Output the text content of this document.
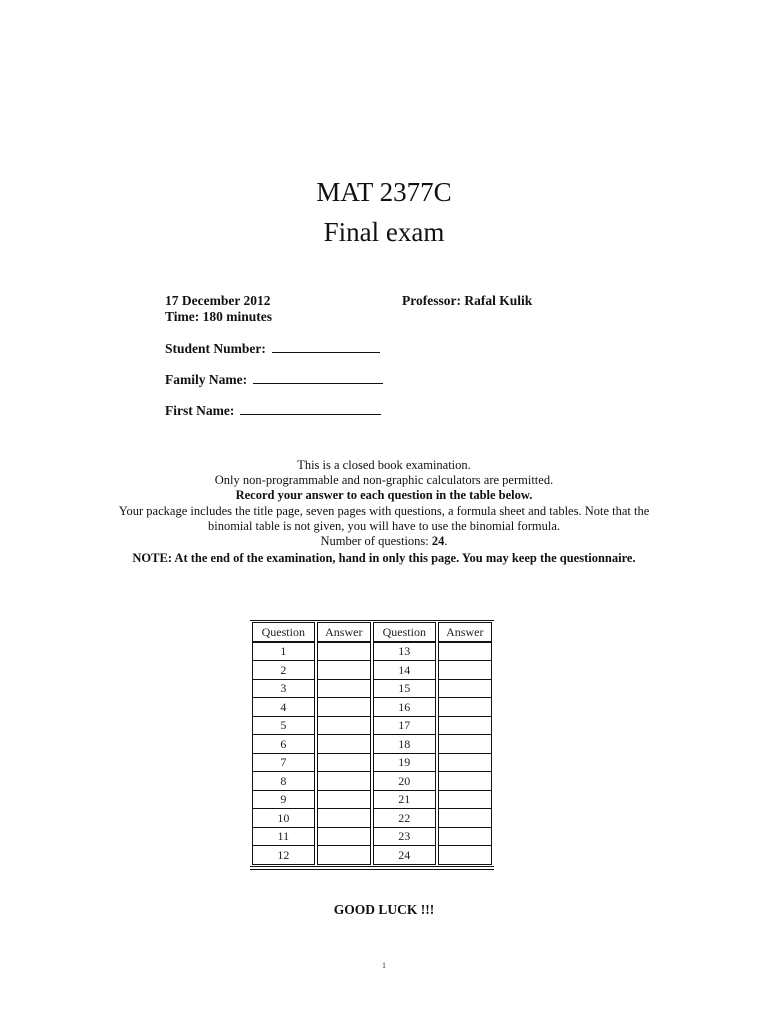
MAT 2377C
Final exam
17 December 2012
Time: 180 minutes
Professor: Rafal Kulik
Student Number:
Family Name:
First Name:
This is a closed book examination.
Only non-programmable and non-graphic calculators are permitted.
Record your answer to each question in the table below.
Your package includes the title page, seven pages with questions, a formula sheet and tables. Note that the
binomial table is not given, you will have to use the binomial formula.
Number of questions: 24.
NOTE: At the end of the examination, hand in only this page. You may keep the questionnaire.
Question	Answer	Question	Answer
1		13	
2		14	
3		15	
4		16	
5		17	
6		18	
7		19	
8		20	
9		21	
10		22	
11		23	
12		24	
GOOD LUCK !!!
1
